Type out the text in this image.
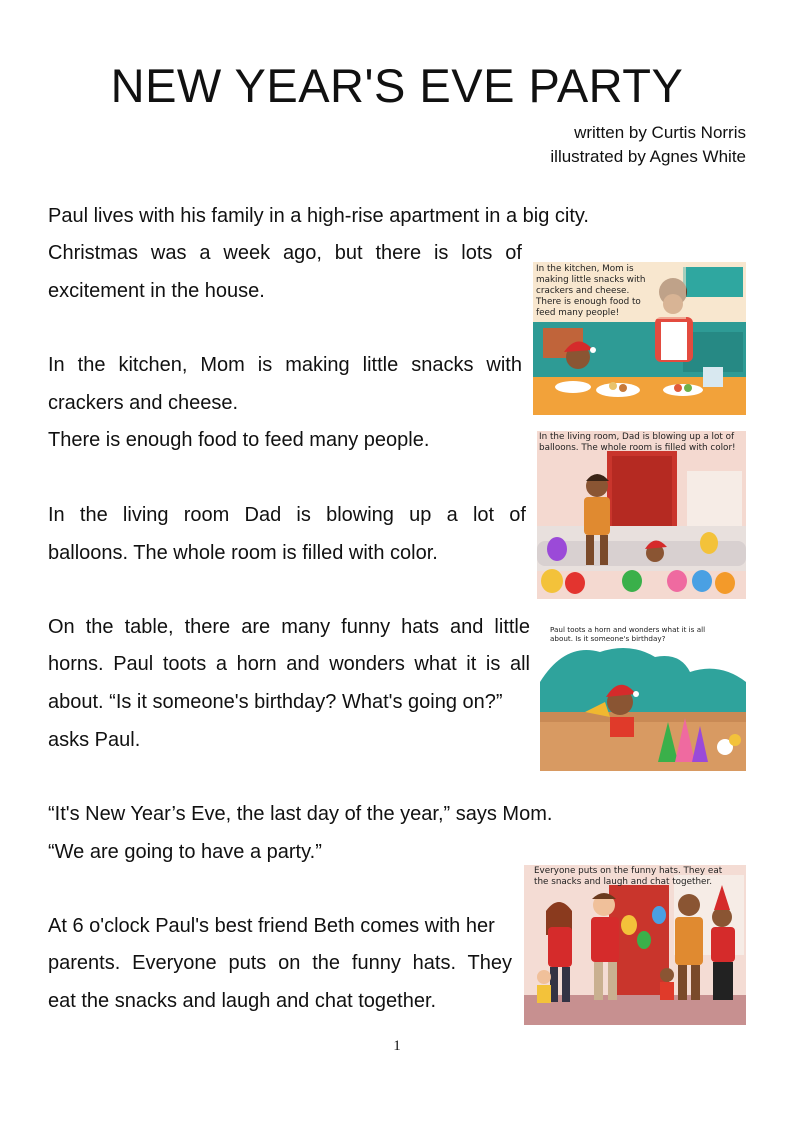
NEW YEAR'S EVE PARTY
written by Curtis Norris
illustrated by Agnes White
Paul lives with his family in a high-rise apartment in a big city.
Christmas was a week ago, but there is lots of
excitement in the house.
In the kitchen, Mom is making little snacks with
crackers and cheese.
There is enough food to feed many people.
In the living room Dad is blowing up a lot of
balloons. The whole room is filled with color.
On the table, there are many funny hats and little
horns. Paul toots a horn and wonders what it is all
about. “Is it someone's birthday? What's going on?”
asks Paul.
“It's New Year’s Eve, the last day of the year,” says Mom.
“We are going to have a party.”
At 6 o'clock Paul's best friend Beth comes with her
parents. Everyone puts on the funny hats. They
eat the snacks and laugh and chat together.
In the kitchen, Mom is
making little snacks with
crackers and cheese.
There is enough food to
feed many people!
In the living room, Dad is blowing up a lot of
balloons. The whole room is filled with color!
Paul toots a horn and wonders what it is all
about. Is it someone's birthday?
Everyone puts on the funny hats. They eat
the snacks and laugh and chat together.
1
